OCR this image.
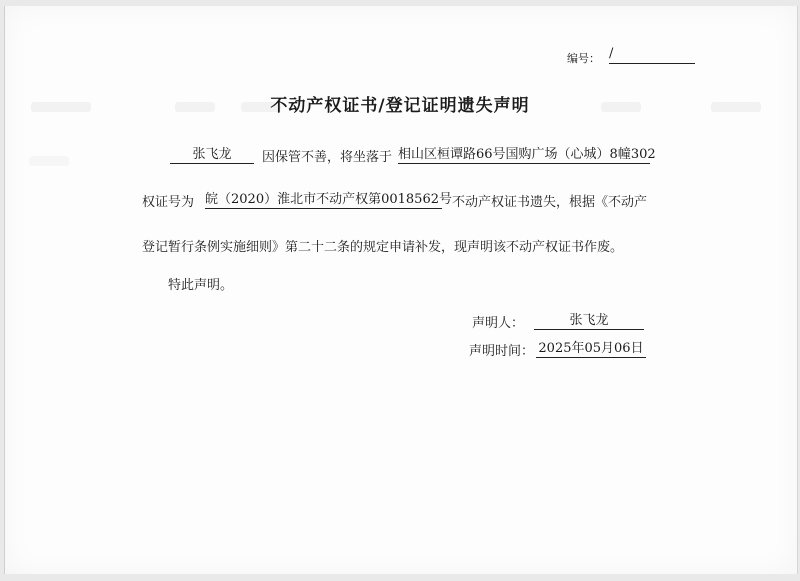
编号： /
不动产权证书/登记证明遗失声明
张飞龙	因保管不善，将坐落于 相山区桓谭路66号国购广场（心城）8幢302
权证号为 皖（2020）淮北市不动产权第0018562号 不动产权证书遗失，根据《不动产
登记暂行条例实施细则》第二十二条的规定申请补发，现声明该不动产权证书作废。
特此声明。
声明人：	张飞龙
声明时间： 2025年05月06日
